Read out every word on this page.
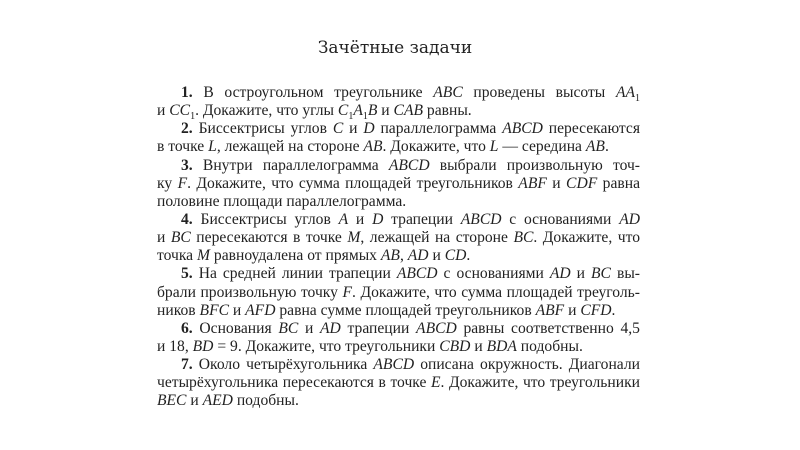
Зачётные задачи
1. В остроугольном треугольнике ABC проведены высоты $AA_1$
и $CC_1$. Докажите, что углы $C_1A_1B$ и CAB равны.
2. Биссектрисы углов C и D параллелограмма ABCD пересекаются
в точке L, лежащей на стороне AB. Докажите, что L — середина AB.
3. Внутри параллелограмма ABCD выбрали произвольную точ-
ку F. Докажите, что сумма площадей треугольников ABF и CDF равна
половине площади параллелограмма.
4. Биссектрисы углов A и D трапеции ABCD с основаниями AD
и BC пересекаются в точке M, лежащей на стороне BC. Докажите, что
точка M равноудалена от прямых AB, AD и CD.
5. На средней линии трапеции ABCD с основаниями AD и BC вы-
брали произвольную точку F. Докажите, что сумма площадей треуголь-
ников BFC и AFD равна сумме площадей треугольников ABF и CFD.
6. Основания BC и AD трапеции ABCD равны соответственно 4,5
и 18, BD = 9. Докажите, что треугольники CBD и BDA подобны.
7. Около четырёхугольника ABCD описана окружность. Диагонали
четырёхугольника пересекаются в точке E. Докажите, что треугольники
BEC и AED подобны.
